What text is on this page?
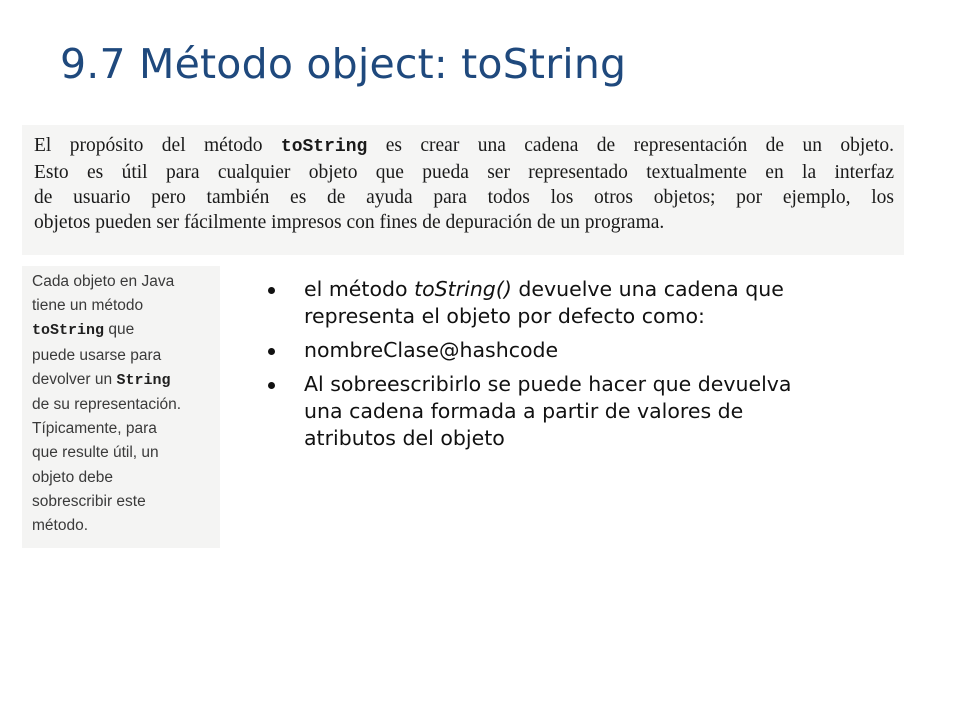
9.7 Método object: toString
El propósito del método toString es crear una cadena de representación de un objeto.
Esto es útil para cualquier objeto que pueda ser representado textualmente en la interfaz
de usuario pero también es de ayuda para todos los otros objetos; por ejemplo, los
objetos pueden ser fácilmente impresos con fines de depuración de un programa.
Cada objeto en Java
tiene un método
toString que
puede usarse para
devolver un String
de su representación.
Típicamente, para
que resulte útil, un
objeto debe
sobrescribir este
método.
el método toString() devuelve una cadena que
representa el objeto por defecto como:
nombreClase@hashcode
Al sobreescribirlo se puede hacer que devuelva
una cadena formada a partir de valores de
atributos del objeto
